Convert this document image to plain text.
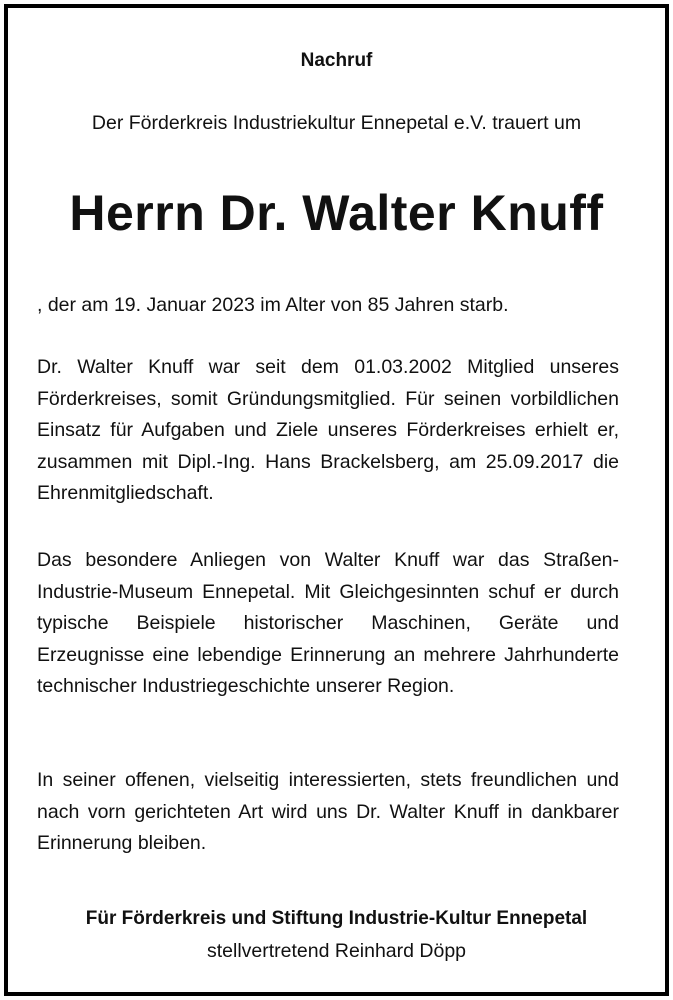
Nachruf
Der Förderkreis Industriekultur Ennepetal e.V. trauert um
Herrn Dr. Walter Knuff
, der am 19. Januar 2023 im Alter von 85 Jahren starb.
Dr. Walter Knuff war seit dem 01.03.2002 Mitglied unseres Förderkreises, somit Gründungsmitglied. Für seinen vorbildlichen Einsatz für Aufgaben und Ziele unseres Förderkreises erhielt er, zusammen mit Dipl.-Ing. Hans Brackelsberg, am 25.09.2017 die Ehrenmitgliedschaft.
Das besondere Anliegen von Walter Knuff war das Straßen-Industrie-Museum Ennepetal. Mit Gleichgesinnten schuf er durch typische Beispiele historischer Maschinen, Geräte und Erzeugnisse eine lebendige Erinnerung an mehrere Jahrhunderte technischer Industriegeschichte unserer Region.
In seiner offenen, vielseitig interessierten, stets freundlichen und nach vorn gerichteten Art wird uns Dr. Walter Knuff in dankbarer Erinnerung bleiben.
Für Förderkreis und Stiftung Industrie-Kultur Ennepetal
stellvertretend Reinhard Döpp
